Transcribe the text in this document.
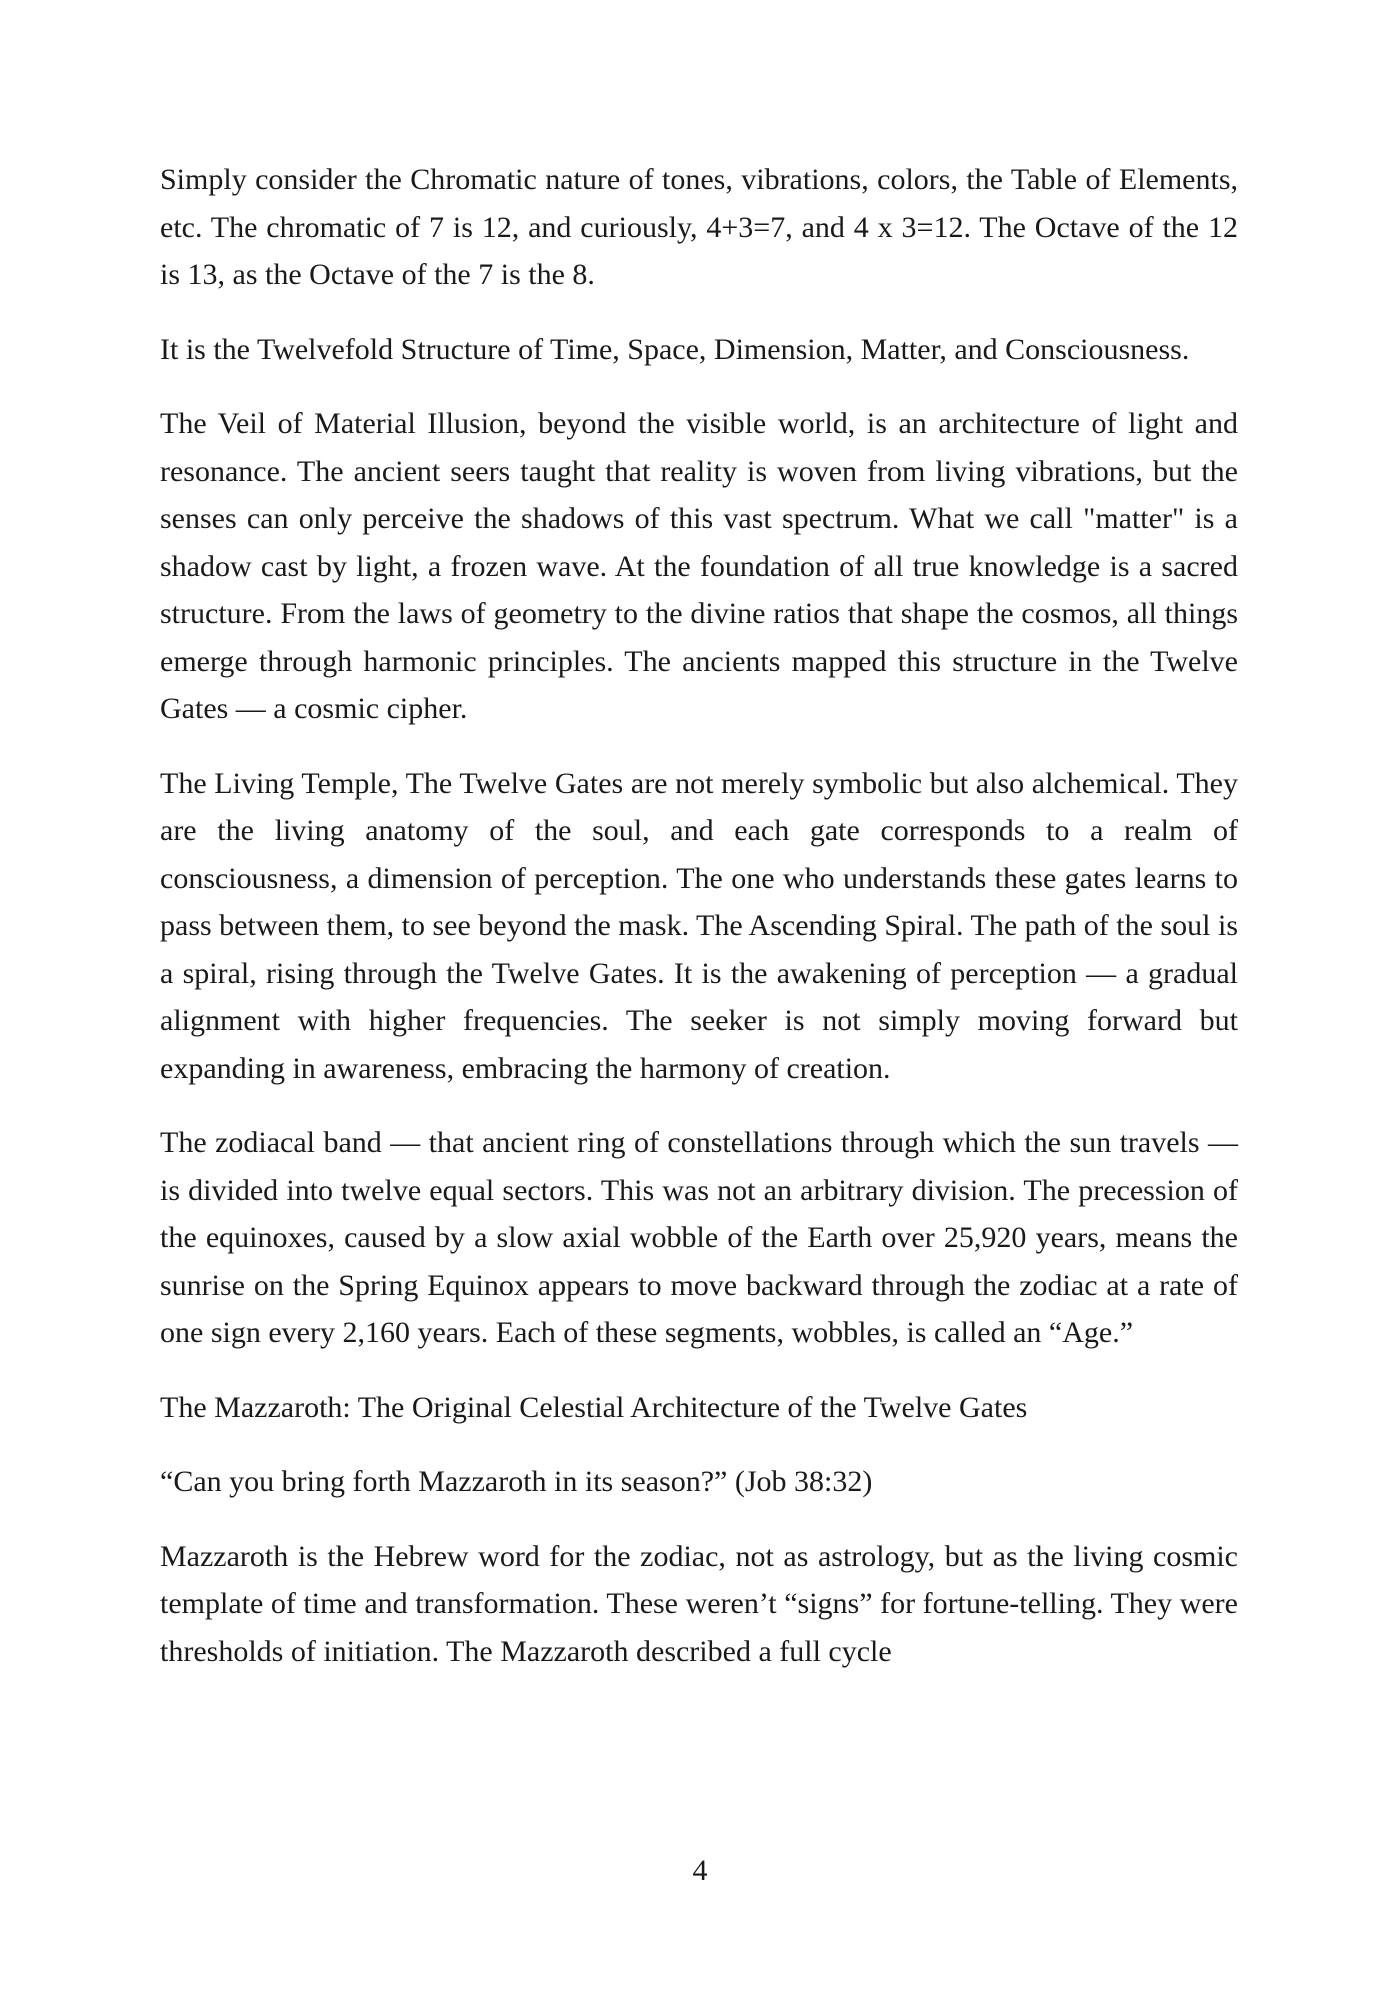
Simply consider the Chromatic nature of tones, vibrations, colors, the Table of Elements, etc. The chromatic of 7 is 12, and curiously, 4+3=7, and 4 x 3=12. The Octave of the 12 is 13, as the Octave of the 7 is the 8.

It is the Twelvefold Structure of Time, Space, Dimension, Matter, and Consciousness.

The Veil of Material Illusion, beyond the visible world, is an architecture of light and resonance. The ancient seers taught that reality is woven from living vibrations, but the senses can only perceive the shadows of this vast spectrum. What we call "matter" is a shadow cast by light, a frozen wave. At the foundation of all true knowledge is a sacred structure. From the laws of geometry to the divine ratios that shape the cosmos, all things emerge through harmonic principles. The ancients mapped this structure in the Twelve Gates — a cosmic cipher.

The Living Temple, The Twelve Gates are not merely symbolic but also alchemical. They are the living anatomy of the soul, and each gate corresponds to a realm of consciousness, a dimension of perception. The one who understands these gates learns to pass between them, to see beyond the mask. The Ascending Spiral. The path of the soul is a spiral, rising through the Twelve Gates. It is the awakening of perception — a gradual alignment with higher frequencies. The seeker is not simply moving forward but expanding in awareness, embracing the harmony of creation.

The zodiacal band — that ancient ring of constellations through which the sun travels — is divided into twelve equal sectors. This was not an arbitrary division. The precession of the equinoxes, caused by a slow axial wobble of the Earth over 25,920 years, means the sunrise on the Spring Equinox appears to move backward through the zodiac at a rate of one sign every 2,160 years. Each of these segments, wobbles, is called an “Age.”

The Mazzaroth: The Original Celestial Architecture of the Twelve Gates

“Can you bring forth Mazzaroth in its season?” (Job 38:32)

Mazzaroth is the Hebrew word for the zodiac, not as astrology, but as the living cosmic template of time and transformation. These weren’t “signs” for fortune-telling. They were thresholds of initiation. The Mazzaroth described a full cycle

4
